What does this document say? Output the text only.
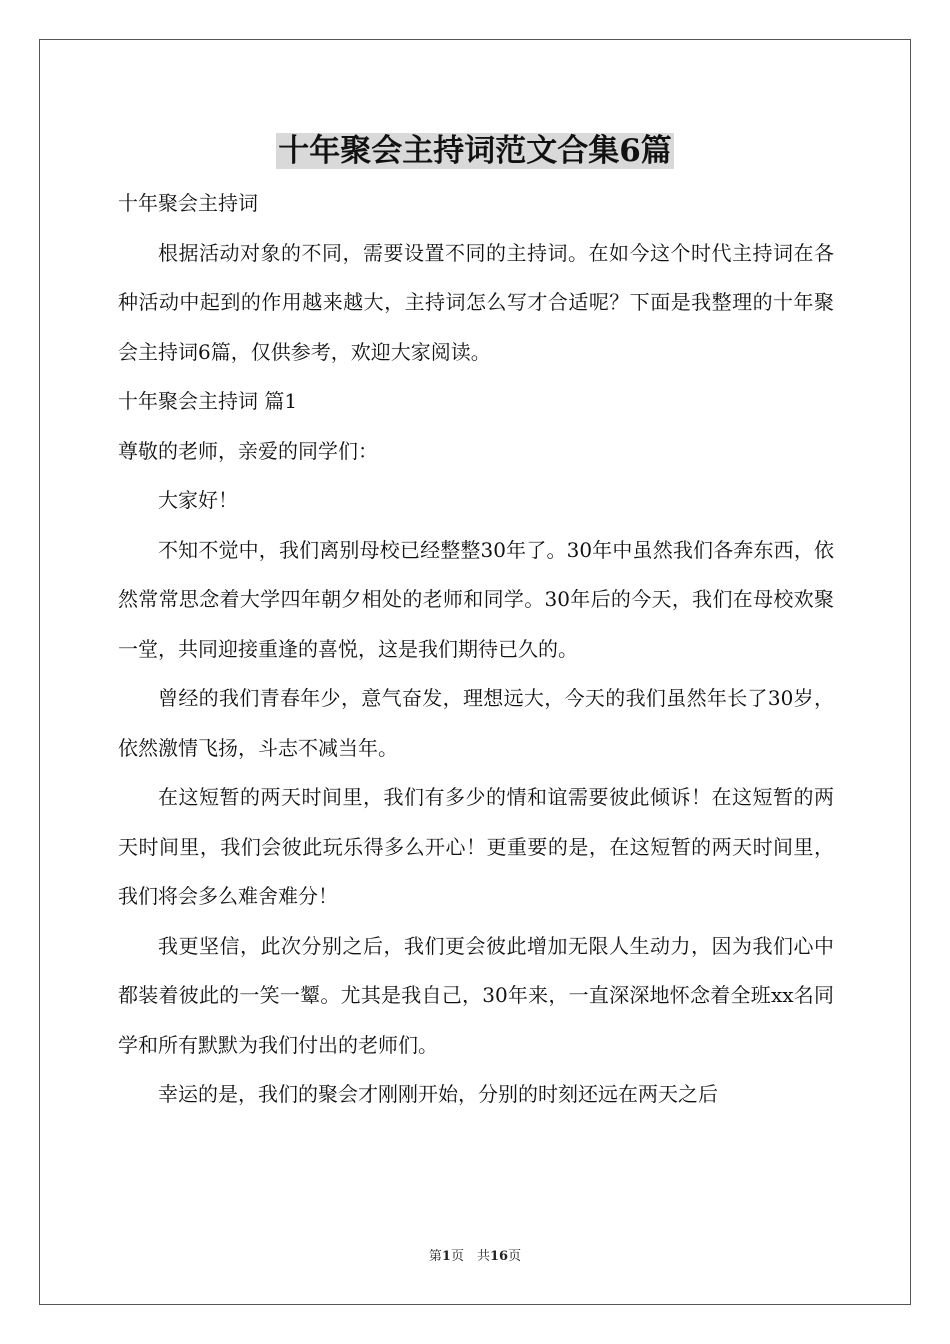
十年聚会主持词范文合集6篇

十年聚会主持词

根据活动对象的不同，需要设置不同的主持词。在如今这个时代主持词在各种活动中起到的作用越来越大，主持词怎么写才合适呢？下面是我整理的十年聚会主持词6篇，仅供参考，欢迎大家阅读。

十年聚会主持词 篇1

尊敬的老师，亲爱的同学们：

大家好！

不知不觉中，我们离别母校已经整整30年了。30年中虽然我们各奔东西，依然常常思念着大学四年朝夕相处的老师和同学。30年后的今天，我们在母校欢聚一堂，共同迎接重逢的喜悦，这是我们期待已久的。

曾经的我们青春年少，意气奋发，理想远大，今天的我们虽然年长了30岁，依然激情飞扬，斗志不减当年。

在这短暂的两天时间里，我们有多少的情和谊需要彼此倾诉！在这短暂的两天时间里，我们会彼此玩乐得多么开心！更重要的是，在这短暂的两天时间里，我们将会多么难舍难分！

我更坚信，此次分别之后，我们更会彼此增加无限人生动力，因为我们心中都装着彼此的一笑一颦。尤其是我自己，30年来，一直深深地怀念着全班xx名同学和所有默默为我们付出的老师们。

幸运的是，我们的聚会才刚刚开始，分别的时刻还远在两天之后

第1页　共16页
